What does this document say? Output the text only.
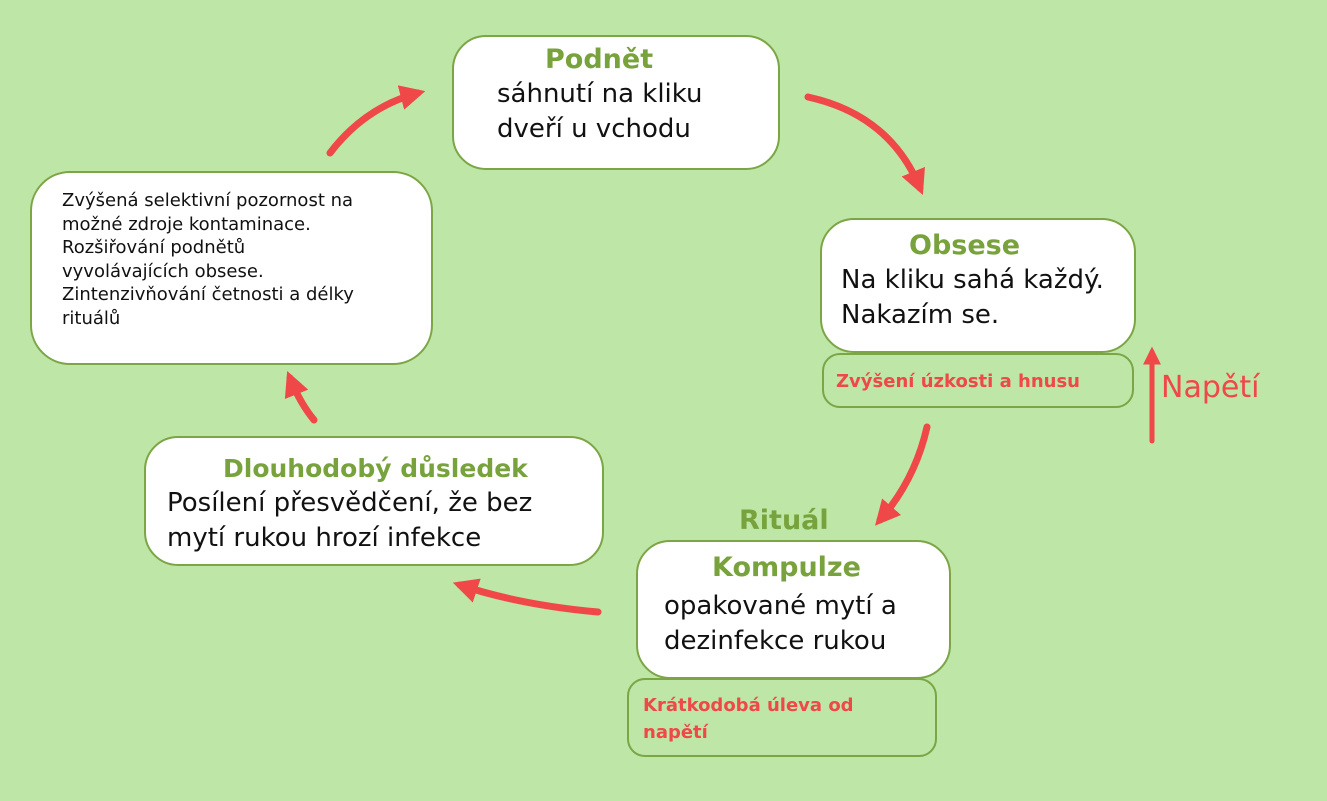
Podnět
sáhnutí na kliku
dveří u vchodu
Obsese
Na kliku sahá každý.
Nakazím se.
Zvýšení úzkosti a hnusu	Napětí
Rituál
Kompulze
opakované mytí a
dezinfekce rukou
Krátkodobá úleva od
napětí
Dlouhodobý důsledek
Posílení přesvědčení, že bez
mytí rukou hrozí infekce
Zvýšená selektivní pozornost na
možné zdroje kontaminace.
Rozšiřování podnětů
vyvolávajících obsese.
Zintenzivňování četnosti a délky
rituálů
